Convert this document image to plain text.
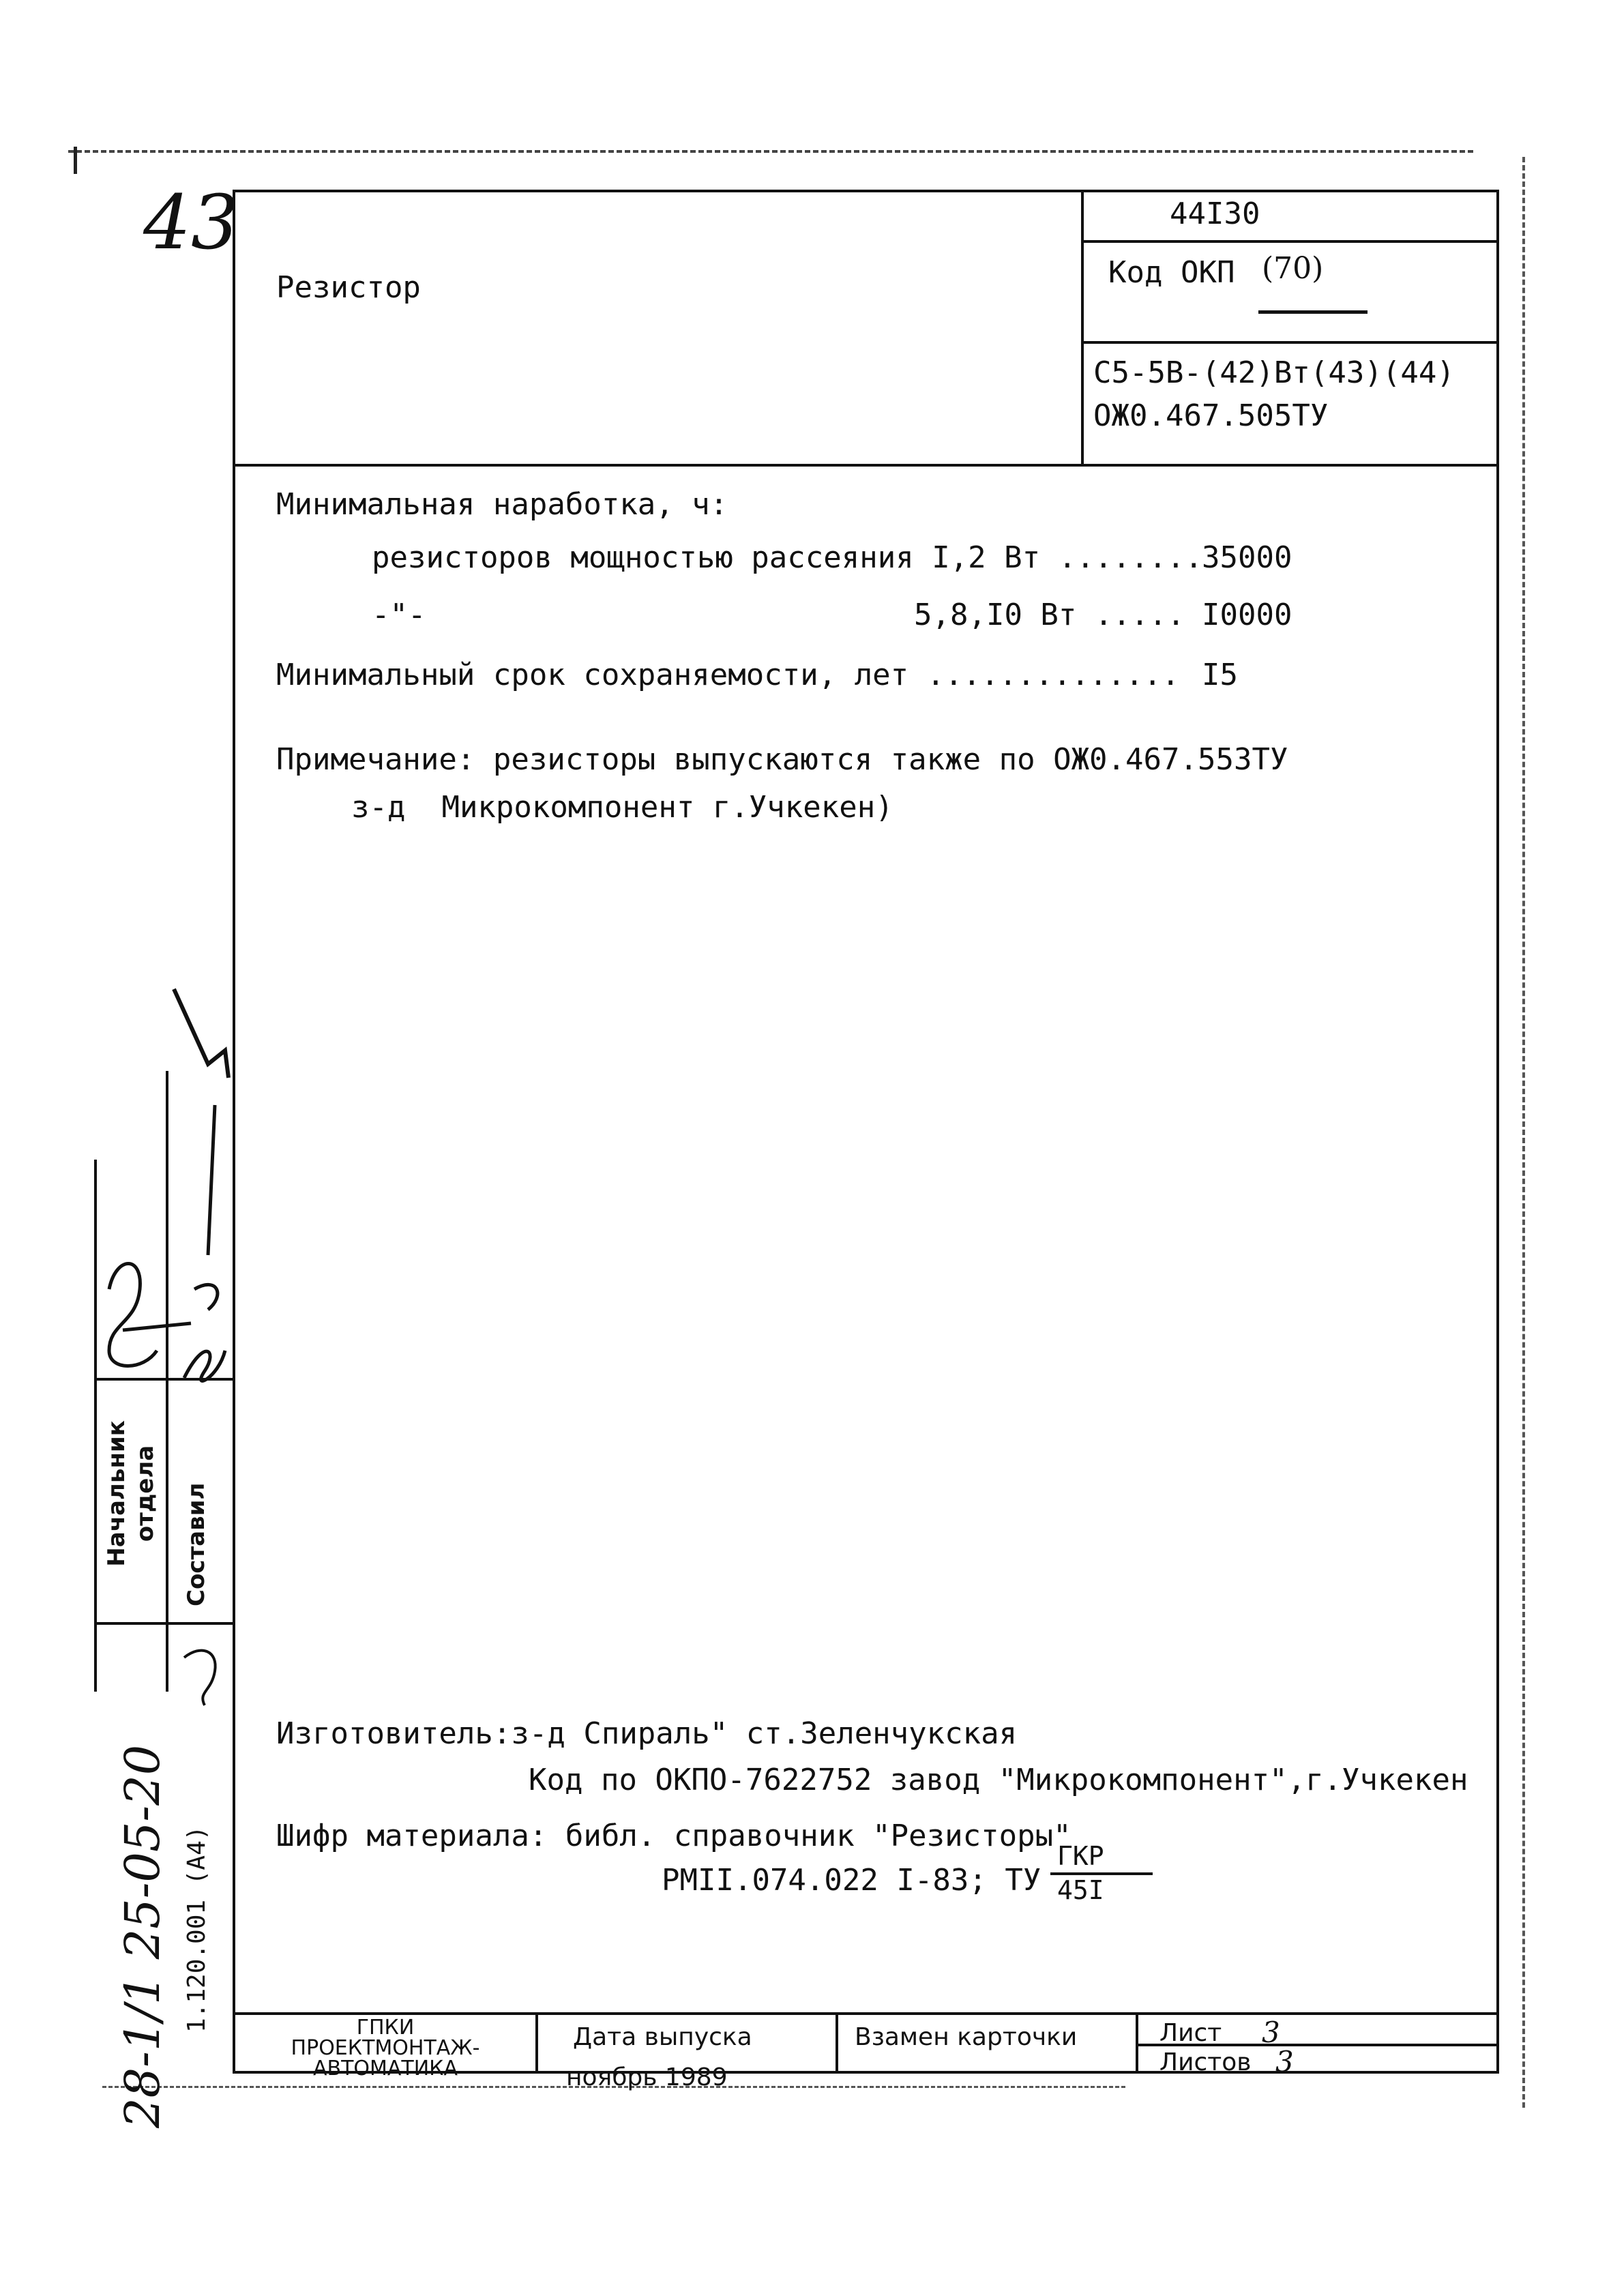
43
Резистор
44I30
Код ОКП (70)
С5-5В-(42)Вт(43)(44)
ОЖ0.467.505ТУ
Минимальная наработка, ч:
резисторов мощностью рассеяния I,2 Вт ........
35000
-"-	5,8,I0 Вт ..... I0000
Минимальный срок сохраняемости, лет .............. I5
Примечание: резисторы выпускаются также по ОЖ0.467.553ТУ
з-д  Микрокомпонент г.Учкекен)
Изготовитель:з-д Спираль" ст.Зеленчукская
Код по ОКПО-7622752 завод "Микрокомпонент",г.Учкекен
Шифр материала: библ. справочник "Резисторы"
РМII.074.022 I-83; ТУ
ГКР
45I
ГПКИ
ПРОЕКТМОНТАЖ-
АВТОМАТИКА
Дата выпуска
ноябрь 1989
Взамен карточки	Лист 3
Листов 3
Начальник отдела Составил
1.120.001 (А4)
28-1/1 25-05-20
